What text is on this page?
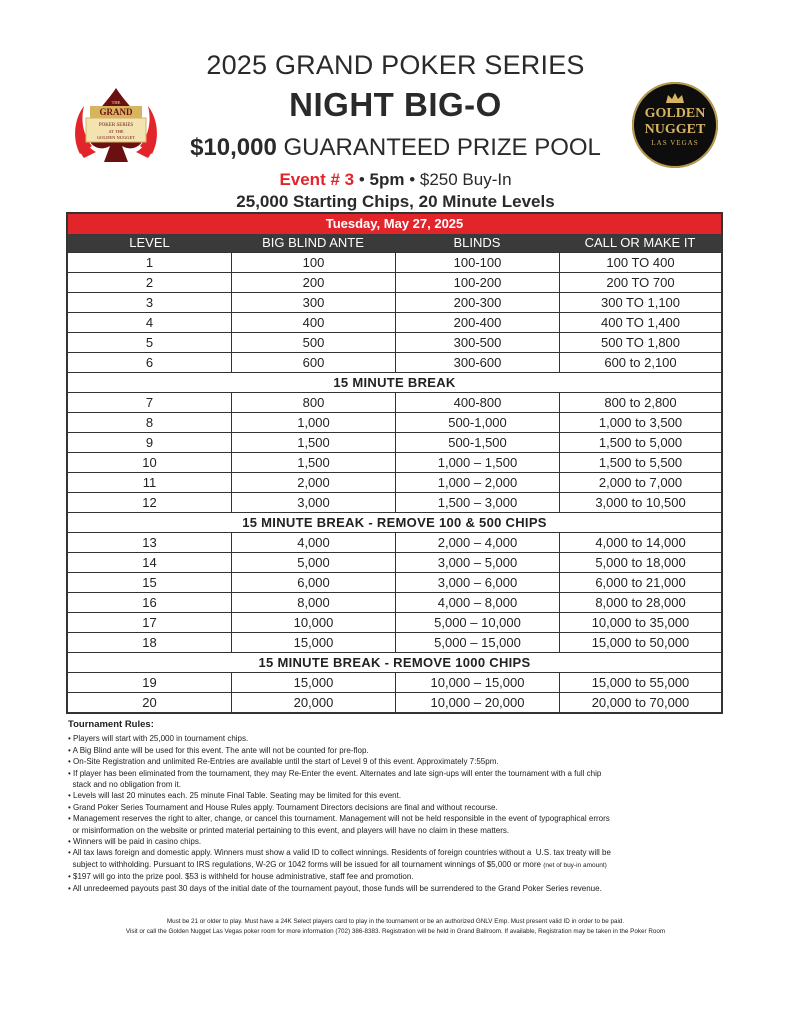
2025 GRAND POKER SERIES
NIGHT BIG-O
$10,000 GUARANTEED PRIZE POOL
Event # 3 • 5pm • $250 Buy-In
25,000 Starting Chips, 20 Minute Levels
GRAND
POKER SERIES
AT THE
GOLDEN NUGGET
THE
GOLDEN
NUGGET
LAS VEGAS
Tuesday, May 27, 2025
LEVEL	BIG BLIND ANTE	BLINDS	CALL OR MAKE IT
1	100	100-100	100 TO 400
2	200	100-200	200 TO 700
3	300	200-300	300 TO 1,100
4	400	200-400	400 TO 1,400
5	500	300-500	500 TO 1,800
6	600	300-600	600 to 2,100
15 MINUTE BREAK
7	800	400-800	800 to 2,800
8	1,000	500-1,000	1,000 to 3,500
9	1,500	500-1,500	1,500 to 5,000
10	1,500	1,000 – 1,500	1,500 to 5,500
11	2,000	1,000 – 2,000	2,000 to 7,000
12	3,000	1,500 – 3,000	3,000 to 10,500
15 MINUTE BREAK - REMOVE 100 & 500 CHIPS
13	4,000	2,000 – 4,000	4,000 to 14,000
14	5,000	3,000 – 5,000	5,000 to 18,000
15	6,000	3,000 – 6,000	6,000 to 21,000
16	8,000	4,000 – 8,000	8,000 to 28,000
17	10,000	5,000 – 10,000	10,000 to 35,000
18	15,000	5,000 – 15,000	15,000 to 50,000
15 MINUTE BREAK - REMOVE 1000 CHIPS
19	15,000	10,000 – 15,000	15,000 to 55,000
20	20,000	10,000 – 20,000	20,000 to 70,000
Tournament Rules:
• Players will start with 25,000 in tournament chips.
• A Big Blind ante will be used for this event. The ante will not be counted for pre-flop.
• On-Site Registration and unlimited Re-Entries are available until the start of Level 9 of this event. Approximately 7:55pm.
• If player has been eliminated from the tournament, they may Re-Enter the event. Alternates and late sign-ups will enter the tournament with a full chip
stack and no obligation from it.
• Levels will last 20 minutes each. 25 minute Final Table. Seating may be limited for this event.
• Grand Poker Series Tournament and House Rules apply. Tournament Directors decisions are final and without recourse.
• Management reserves the right to alter, change, or cancel this tournament. Management will not be held responsible in the event of typographical errors
or misinformation on the website or printed material pertaining to this event, and players will have no claim in these matters.
• Winners will be paid in casino chips.
• All tax laws foreign and domestic apply. Winners must show a valid ID to collect winnings. Residents of foreign countries without a  U.S. tax treaty will be
subject to withholding. Pursuant to IRS regulations, W-2G or 1042 forms will be issued for all tournament winnings of $5,000 or more (net of buy-in amount)
• $197 will go into the prize pool. $53 is withheld for house administrative, staff fee and promotion.
• All unredeemed payouts past 30 days of the initial date of the tournament payout, those funds will be surrendered to the Grand Poker Series revenue.
Must be 21 or older to play. Must have a 24K Select players card to play in the tournament or be an authorized GNLV Emp. Must present valid ID in order to be paid.
Visit or call the Golden Nugget Las Vegas poker room for more information (702) 386-8383. Registration will be held in Grand Ballroom. If available, Registration may be taken in the Poker Room
